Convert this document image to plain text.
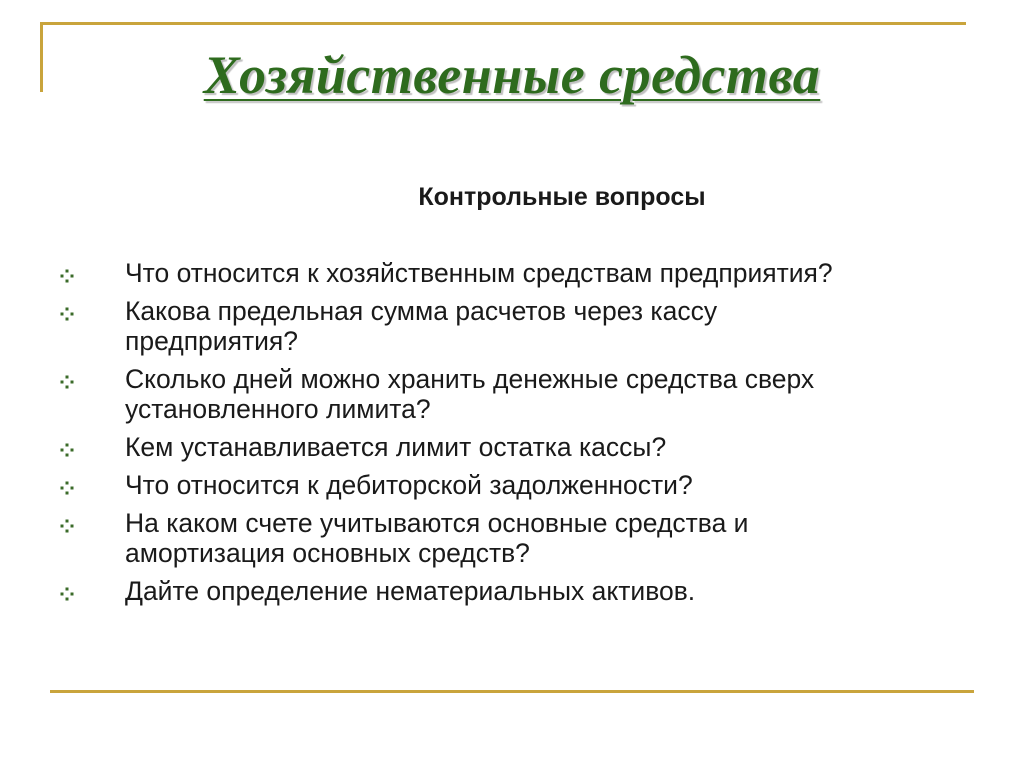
Хозяйственные средства
Контрольные вопросы
Что относится к хозяйственным средствам предприятия?
Какова предельная сумма расчетов через кассу предприятия?
Сколько дней можно хранить денежные средства сверх установленного лимита?
Кем устанавливается лимит остатка кассы?
Что относится к дебиторской задолженности?
На каком счете учитываются основные средства и амортизация основных средств?
Дайте определение нематериальных активов.
